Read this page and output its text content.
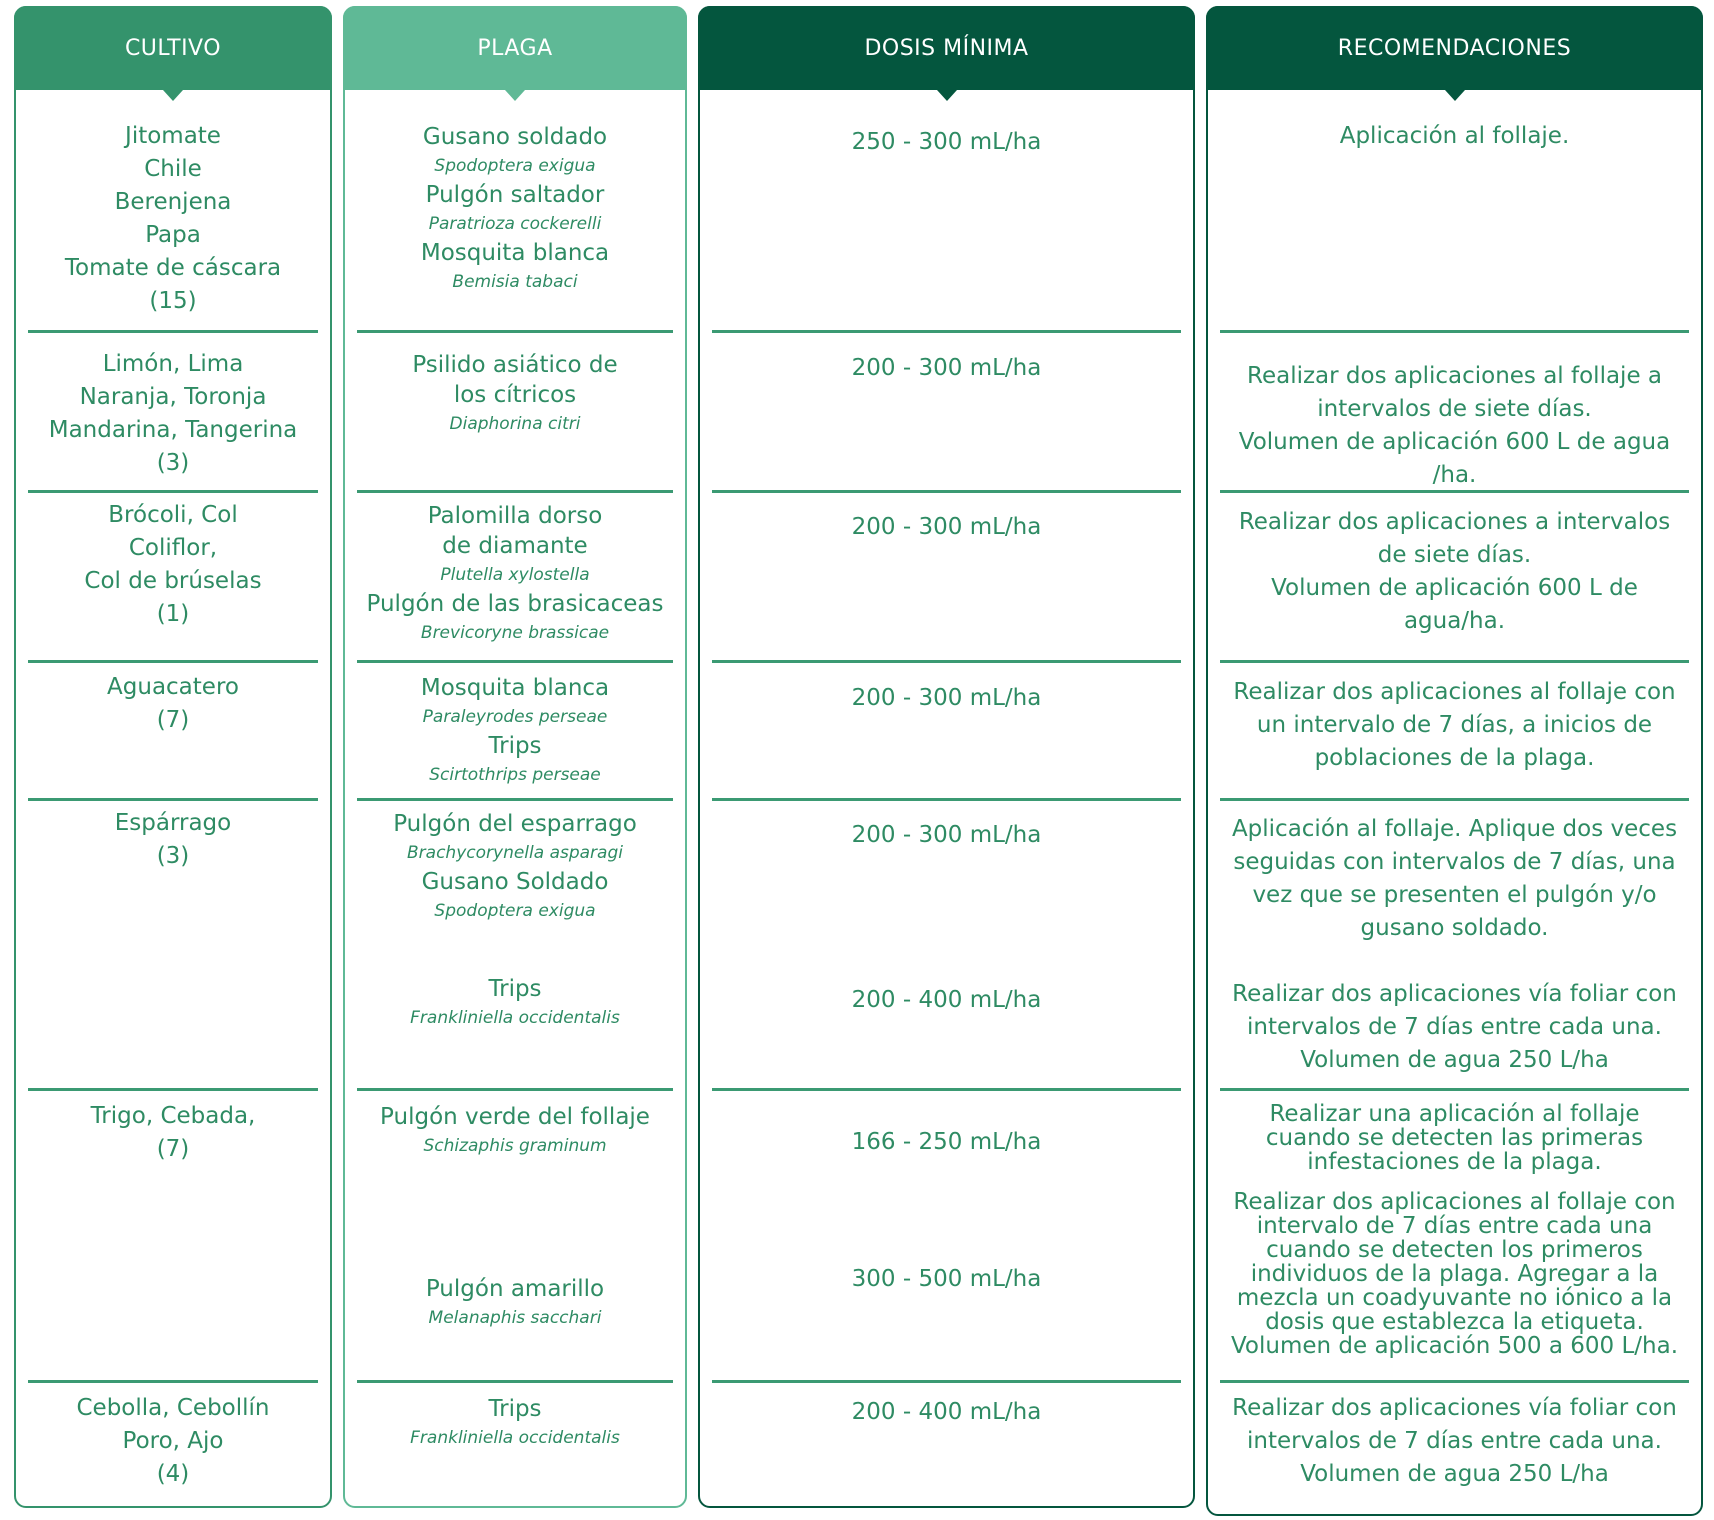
CULTIVO
Jitomate
Chile
Berenjena
Papa
Tomate de cáscara
(15)
Limón, Lima
Naranja, Toronja
Mandarina, Tangerina
(3)
Brócoli, Col
Coliflor,
Col de brúselas
(1)
Aguacatero
(7)
Espárrago
(3)
Trigo, Cebada,
(7)
Cebolla, Cebollín
Poro, Ajo
(4)
PLAGA
Gusano soldado
Spodoptera exigua
Pulgón saltador
Paratrioza cockerelli
Mosquita blanca
Bemisia tabaci
Psilido asiático de
los cítricos
Diaphorina citri
Palomilla dorso
de diamante
Plutella xylostella
Pulgón de las brasicaceas
Brevicoryne brassicae
Mosquita blanca
Paraleyrodes perseae
Trips
Scirtothrips perseae
Pulgón del esparrago
Brachycorynella asparagi
Gusano Soldado
Spodoptera exigua
Trips
Frankliniella occidentalis
Pulgón verde del follaje
Schizaphis graminum
Pulgón amarillo
Melanaphis sacchari
Trips
Frankliniella occidentalis
DOSIS MÍNIMA
250 - 300 mL/ha
200 - 300 mL/ha
200 - 300 mL/ha
200 - 300 mL/ha
200 - 300 mL/ha
200 - 400 mL/ha
166 - 250 mL/ha
300 - 500 mL/ha
200 - 400 mL/ha
RECOMENDACIONES
Aplicación al follaje.
Realizar dos aplicaciones al follaje a
intervalos de siete días.
Volumen de aplicación 600 L de agua /ha.
Realizar dos aplicaciones a intervalos
de siete días.
Volumen de aplicación 600 L de
agua/ha.
Realizar dos aplicaciones al follaje con
un intervalo de 7 días, a inicios de
poblaciones de la plaga.
Aplicación al follaje. Aplique dos veces
seguidas con intervalos de 7 días, una
vez que se presenten el pulgón y/o
gusano soldado.
Realizar dos aplicaciones vía foliar con
intervalos de 7 días entre cada una.
Volumen de agua 250 L/ha
Realizar una aplicación al follaje
cuando se detecten las primeras
infestaciones de la plaga.
Realizar dos aplicaciones al follaje con
intervalo de 7 días entre cada una
cuando se detecten los primeros
individuos de la plaga. Agregar a la
mezcla un coadyuvante no iónico a la
dosis que establezca la etiqueta.
Volumen de aplicación 500 a 600 L/ha.
Realizar dos aplicaciones vía foliar con
intervalos de 7 días entre cada una.
Volumen de agua 250 L/ha
